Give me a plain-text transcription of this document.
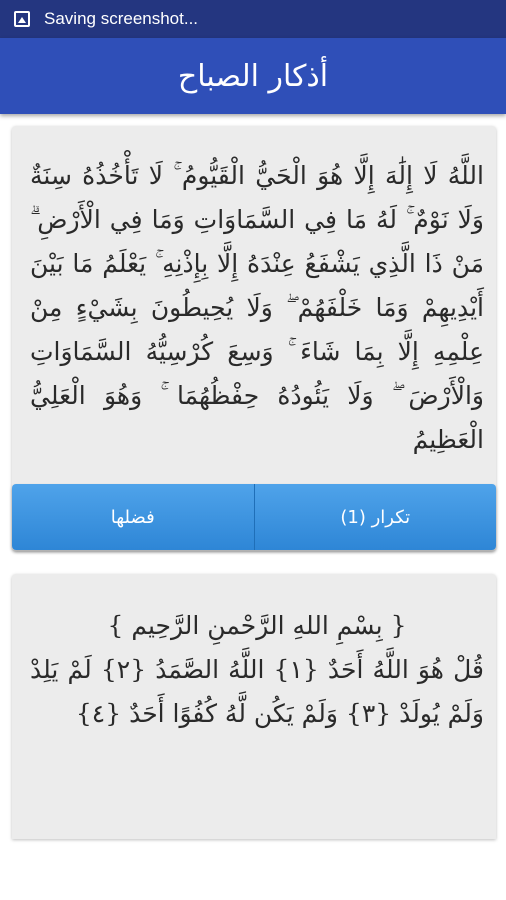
Saving screenshot...
أذكار الصباح
اللَّهُ لَا إِلَٰهَ إِلَّا هُوَ الْحَيُّ الْقَيُّومُ ۚ لَا تَأْخُذُهُ سِنَةٌ وَلَا نَوْمٌ ۚ لَهُ مَا فِي السَّمَاوَاتِ وَمَا فِي الْأَرْضِ ۗ مَنْ ذَا الَّذِي يَشْفَعُ عِنْدَهُ إِلَّا بِإِذْنِهِ ۚ يَعْلَمُ مَا بَيْنَ أَيْدِيهِمْ وَمَا خَلْفَهُمْ ۖ وَلَا يُحِيطُونَ بِشَيْءٍ مِنْ عِلْمِهِ إِلَّا بِمَا شَاءَ ۚ وَسِعَ كُرْسِيُّهُ السَّمَاوَاتِ وَالْأَرْضَ ۖ وَلَا يَئُودُهُ حِفْظُهُمَا ۚ وَهُوَ الْعَلِيُّ الْعَظِيمُ
فضلها	تكرار (1)
{ بِسْمِ اللهِ الرَّحْمنِ الرَّحِيم }
قُلْ هُوَ اللَّهُ أَحَدٌ {١} اللَّهُ الصَّمَدُ {٢} لَمْ يَلِدْ وَلَمْ يُولَدْ {٣} وَلَمْ يَكُن لَّهُ كُفُوًا أَحَدٌ {٤}
